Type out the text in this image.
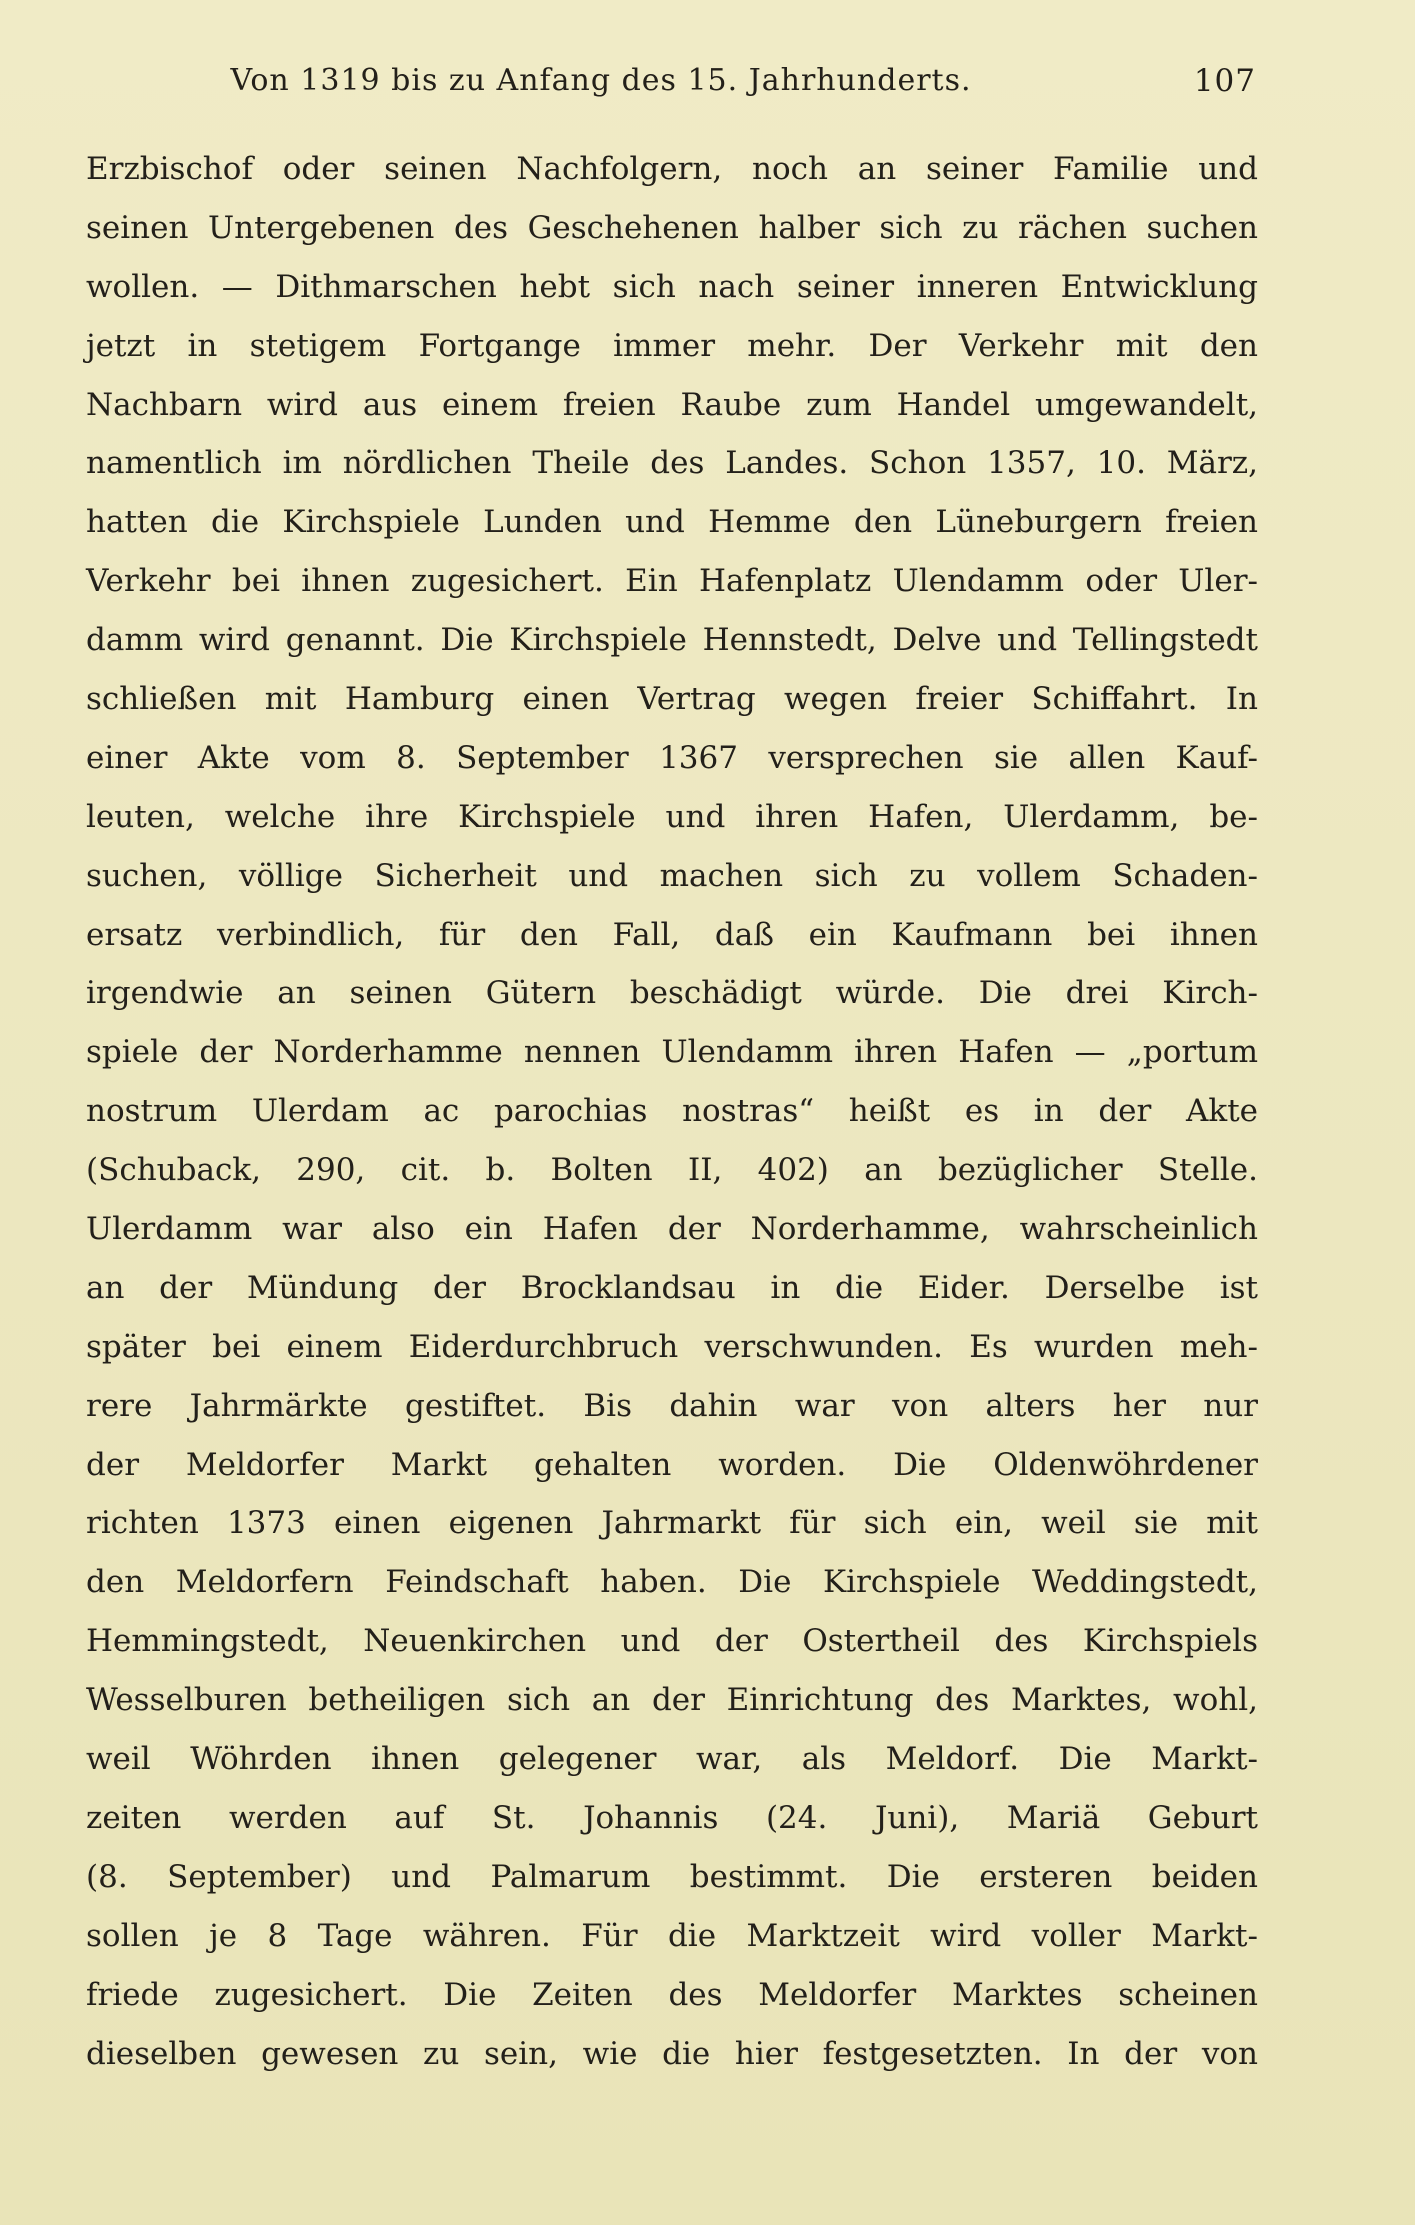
Von 1319 bis zu Anfang des 15. Jahrhunderts.	107
Erzbischof oder seinen Nachfolgern, noch an seiner Familie und
seinen Untergebenen des Geschehenen halber sich zu rächen suchen
wollen. — Dithmarschen hebt sich nach seiner inneren Entwicklung
jetzt in stetigem Fortgange immer mehr. Der Verkehr mit den
Nachbarn wird aus einem freien Raube zum Handel umgewandelt,
namentlich im nördlichen Theile des Landes. Schon 1357, 10. März,
hatten die Kirchspiele Lunden und Hemme den Lüneburgern freien
Verkehr bei ihnen zugesichert. Ein Hafenplatz Ulendamm oder Uler-
damm wird genannt. Die Kirchspiele Hennstedt, Delve und Tellingstedt
schließen mit Hamburg einen Vertrag wegen freier Schiffahrt. In
einer Akte vom 8. September 1367 versprechen sie allen Kauf-
leuten, welche ihre Kirchspiele und ihren Hafen, Ulerdamm, be-
suchen, völlige Sicherheit und machen sich zu vollem Schaden-
ersatz verbindlich, für den Fall, daß ein Kaufmann bei ihnen
irgendwie an seinen Gütern beschädigt würde. Die drei Kirch-
spiele der Norderhamme nennen Ulendamm ihren Hafen — „portum
nostrum Ulerdam ac parochias nostras“ heißt es in der Akte
(Schuback, 290, cit. b. Bolten II, 402) an bezüglicher Stelle.
Ulerdamm war also ein Hafen der Norderhamme, wahrscheinlich
an der Mündung der Brocklandsau in die Eider. Derselbe ist
später bei einem Eiderdurchbruch verschwunden. Es wurden meh-
rere Jahrmärkte gestiftet. Bis dahin war von alters her nur
der Meldorfer Markt gehalten worden. Die Oldenwöhrdener
richten 1373 einen eigenen Jahrmarkt für sich ein, weil sie mit
den Meldorfern Feindschaft haben. Die Kirchspiele Weddingstedt,
Hemmingstedt, Neuenkirchen und der Ostertheil des Kirchspiels
Wesselburen betheiligen sich an der Einrichtung des Marktes, wohl,
weil Wöhrden ihnen gelegener war, als Meldorf. Die Markt-
zeiten werden auf St. Johannis (24. Juni), Mariä Geburt
(8. September) und Palmarum bestimmt. Die ersteren beiden
sollen je 8 Tage währen. Für die Marktzeit wird voller Markt-
friede zugesichert. Die Zeiten des Meldorfer Marktes scheinen
dieselben gewesen zu sein, wie die hier festgesetzten. In der von
